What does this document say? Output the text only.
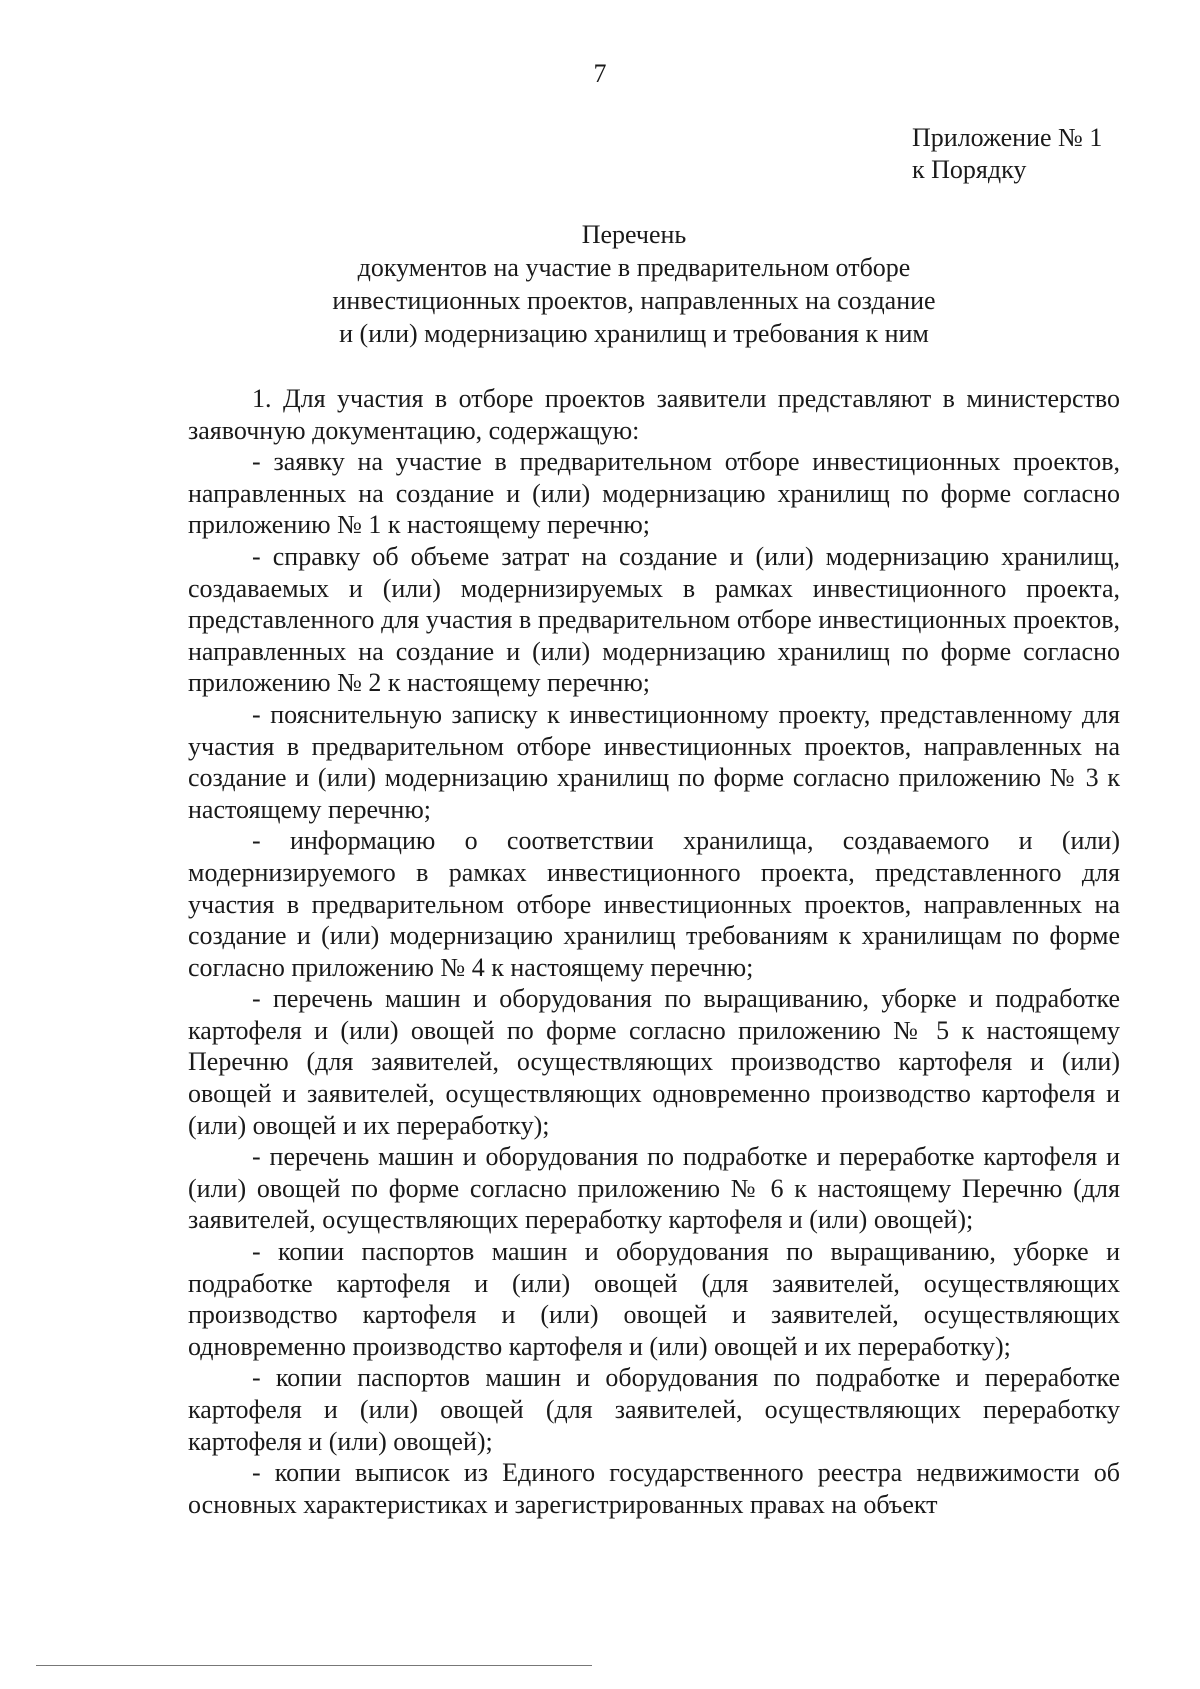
7
Приложение № 1
к Порядку
Перечень
документов на участие в предварительном отборе
инвестиционных проектов, направленных на создание
и (или) модернизацию хранилищ и требования к ним

1. Для участия в отборе проектов заявители представляют в министерство заявочную документацию, содержащую:

- заявку на участие в предварительном отборе инвестиционных проектов, направленных на создание и (или) модернизацию хранилищ по форме согласно приложению № 1 к настоящему перечню;

- справку об объеме затрат на создание и (или) модернизацию хранилищ, создаваемых и (или) модернизируемых в рамках инвестиционного проекта, представленного для участия в предварительном отборе инвестиционных проектов, направленных на создание и (или) модернизацию хранилищ по форме согласно приложению № 2 к настоящему перечню;

- пояснительную записку к инвестиционному проекту, представленному для участия в предварительном отборе инвестиционных проектов, направленных на создание и (или) модернизацию хранилищ по форме согласно приложению № 3 к настоящему перечню;

- информацию о соответствии хранилища, создаваемого и (или) модернизируемого в рамках инвестиционного проекта, представленного для участия в предварительном отборе инвестиционных проектов, направленных на создание и (или) модернизацию хранилищ требованиям к хранилищам по форме согласно приложению № 4 к настоящему перечню;

- перечень машин и оборудования по выращиванию, уборке и подработке картофеля и (или) овощей по форме согласно приложению № 5 к настоящему Перечню (для заявителей, осуществляющих производство картофеля и (или) овощей и заявителей, осуществляющих одновременно производство картофеля и (или) овощей и их переработку);

- перечень машин и оборудования по подработке и переработке картофеля и (или) овощей по форме согласно приложению № 6 к настоящему Перечню (для заявителей, осуществляющих переработку картофеля и (или) овощей);

- копии паспортов машин и оборудования по выращиванию, уборке и подработке картофеля и (или) овощей (для заявителей, осуществляющих производство картофеля и (или) овощей и заявителей, осуществляющих одновременно производство картофеля и (или) овощей и их переработку);

- копии паспортов машин и оборудования по подработке и переработке картофеля и (или) овощей (для заявителей, осуществляющих переработку картофеля и (или) овощей);

- копии выписок из Единого государственного реестра недвижимости об основных характеристиках и зарегистрированных правах на объект
